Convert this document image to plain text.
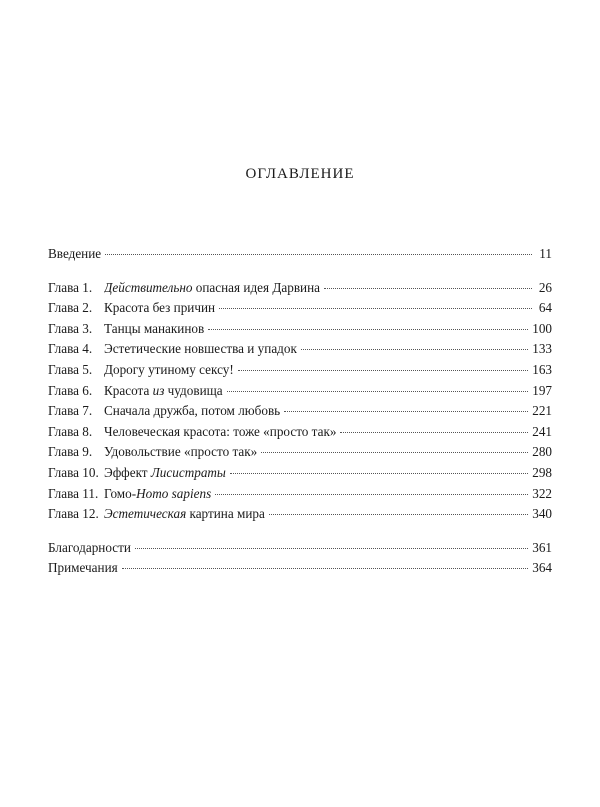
оглавление
Введение	11
Глава 1. Действительно опасная идея Дарвина	26
Глава 2. Красота без причин	64
Глава 3. Танцы манакинов	100
Глава 4. Эстетические новшества и упадок	133
Глава 5. Дорогу утиному сексу!	163
Глава 6. Красота из чудовища	197
Глава 7. Сначала дружба, потом любовь	221
Глава 8. Человеческая красота: тоже «просто так»	241
Глава 9. Удовольствие «просто так»	280
Глава 10. Эффект Лисистраты	298
Глава 11. Гомо-Homo sapiens	322
Глава 12. Эстетическая картина мира	340
Благодарности	361
Примечания	364
